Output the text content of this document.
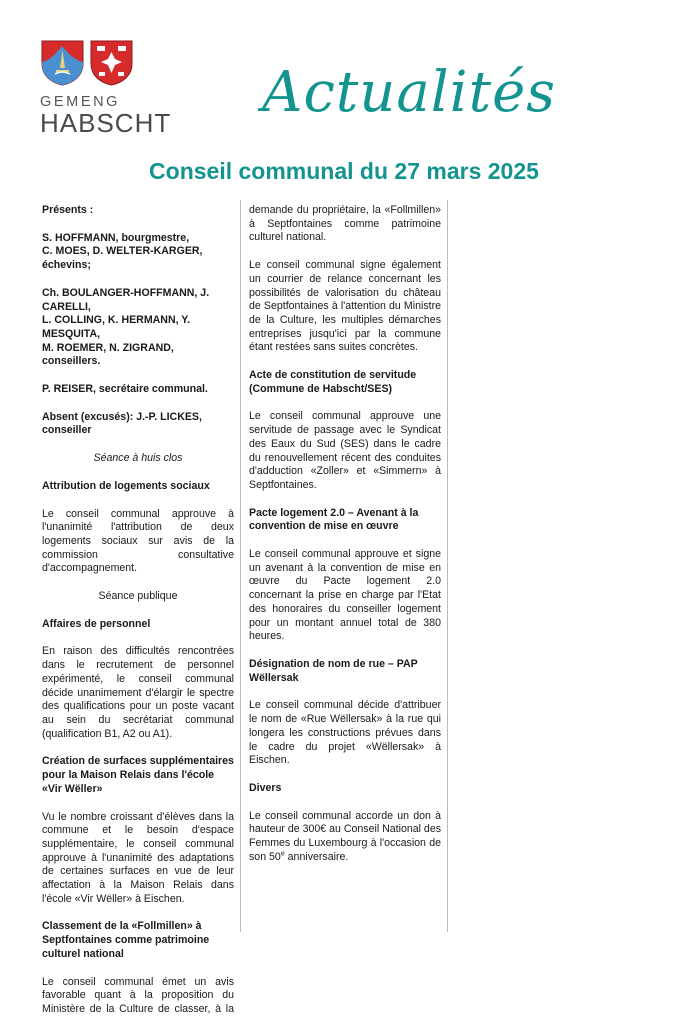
GEMENG
HABSCHT	Actualités
Conseil communal du 27 mars 2025

Présents :

S. HOFFMANN, bourgmestre,
C. MOES, D. WELTER-KARGER, échevins;

Ch. BOULANGER-HOFFMANN, J. CARELLI,
L. COLLING, K. HERMANN, Y. MESQUITA,
M. ROEMER, N. ZIGRAND, conseillers.

P. REISER, secrétaire communal.

Absent (excusés): J.-P. LICKES, conseiller

Séance à huis clos

Attribution de logements sociaux

Le conseil communal approuve à l'unanimité l'attribution de deux logements sociaux sur avis de la commission consultative d'accompagnement.

Séance publique

Affaires de personnel

En raison des difficultés rencontrées dans le recrutement de personnel expérimenté, le conseil communal décide unanimement d'élargir le spectre des qualifications pour un poste vacant au sein du secrétariat communal (qualification B1, A2 ou A1).

Création de surfaces supplémentaires pour la Maison Relais dans l'école «Vir Wëller»

Vu le nombre croissant d'élèves dans la commune et le besoin d'espace supplémentaire, le conseil communal approuve à l'unanimité des adaptations de certaines surfaces en vue de leur affectation à la Maison Relais dans l'école «Vir Wëller» à Eischen.

Classement de la «Follmillen» à Septfontaines comme patrimoine culturel national

Le conseil communal émet un avis favorable quant à la proposition du Ministère de la Culture de classer, à la

demande du propriétaire, la «Follmillen» à Septfontaines comme patrimoine culturel national.

Le conseil communal signe également un courrier de relance concernant les possibilités de valorisation du château de Septfontaines à l'attention du Ministre de la Culture, les multiples démarches entreprises jusqu'ici par la commune étant restées sans suites concrètes.

Acte de constitution de servitude (Commune de Habscht/SES)

Le conseil communal approuve une servitude de passage avec le Syndicat des Eaux du Sud (SES) dans le cadre du renouvellement récent des conduites d'adduction «Zoller» et «Simmern» à Septfontaines.

Pacte logement 2.0 – Avenant à la convention de mise en œuvre

Le conseil communal approuve et signe un avenant à la convention de mise en œuvre du Pacte logement 2.0 concernant la prise en charge par l'Etat des honoraires du conseiller logement pour un montant annuel total de 380 heures.

Désignation de nom de rue – PAP Wëllersak

Le conseil communal décide d'attribuer le nom de «Rue Wëllersak» à la rue qui longera les constructions prévues dans le cadre du projet «Wëllersak» à Eischen.

Divers

Le conseil communal accorde un don à hauteur de 300€ au Conseil National des Femmes du Luxembourg à l'occasion de son 50e anniversaire.
